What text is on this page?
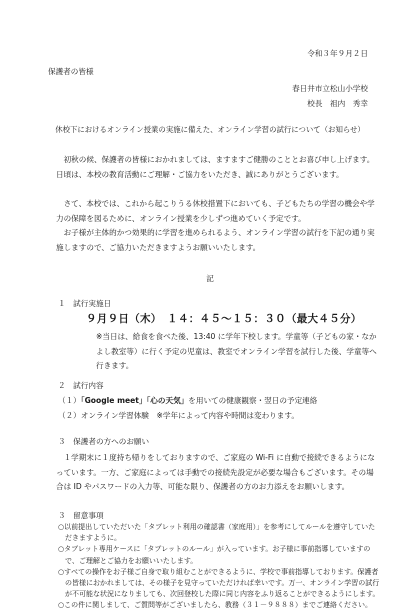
令和３年９月２日
保護者の皆様
春日井市立松山小学校
校長　祖内　秀幸
休校下におけるオンライン授業の実施に備えた、オンライン学習の試行について（お知らせ）
初秋の候、保護者の皆様におかれましては、ますますご健勝のこととお喜び申し上げます。日頃は、本校の教育活動にご理解・ご協力をいただき、誠にありがとうございます。
さて、本校では、これから起こりうる休校措置下においても、子どもたちの学習の機会や学力の保障を図るために、オンライン授業を少しずつ進めていく予定です。
お子様が主体的かつ効果的に学習を進められるよう、オンライン学習の試行を下記の通り実施しますので、ご協力いただきますようお願いいたします。
記
１　試行実施日
９月９日（木）　１４：４５～１５：３０（最大４５分）
※当日は、給食を食べた後、13:40 に学年下校します。学童等（子どもの家・なかよし教室等）に行く予定の児童は、教室でオンライン学習を試行した後、学童等へ行きます。
２　試行内容
（１）「Google meet」「心の天気」を用いての健康観察・翌日の予定連絡
（２）オンライン学習体験　※学年によって内容や時間は変わります。
３　保護者の方へのお願い
１学期末に１度持ち帰りをしておりますので、ご家庭の Wi-Fi に自動で接続できるようになっています。一方、ご家庭によっては手動での接続先設定が必要な場合もございます。その場合は ID やパスワードの入力等、可能な限り、保護者の方のお力添えをお願いします。
３　留意事項
○以前提出していただいた「タブレット利用の確認書（家庭用）」を参考にしてルールを遵守していただきますように。
○タブレット専用ケースに「タブレットのルール」が入っています。お子様に事前指導していますので、ご理解とご協力をお願いいたします。
○すべての操作をお子様ご自身で取り組むことができるように、学校で事前指導しております。保護者の皆様におかれましては、その様子を見守っていただければ幸いです。万一、オンライン学習の試行が不可能な状況になりましても、次回登校した際に同じ内容をふり返ることができるようにします。
○この件に関しまして、ご質問等がございましたら、教務（３１－９８８８）までご連絡ください。
